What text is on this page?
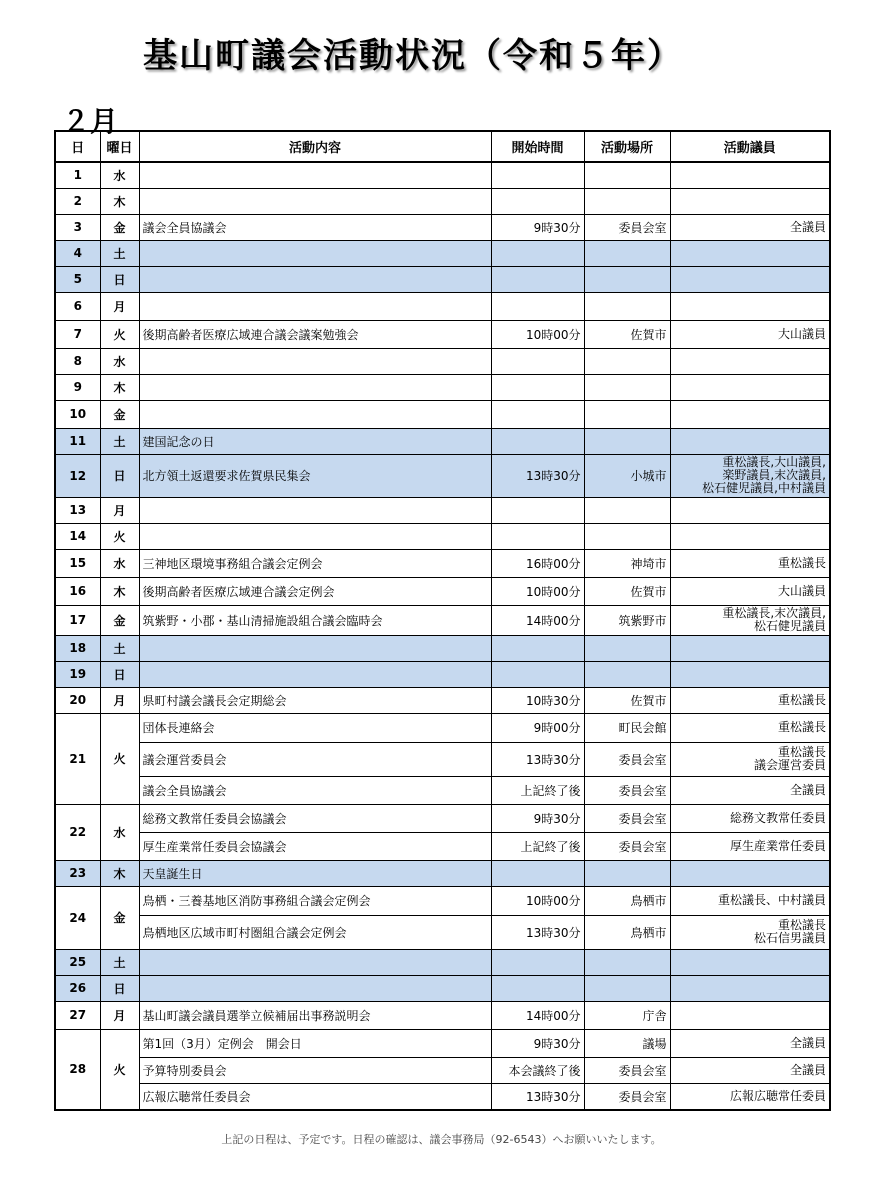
基山町議会活動状況（令和５年）
２月
日	曜日	活動内容	開始時間	活動場所	活動議員
1	水				
2	木				
3	金	議会全員協議会	9時30分	委員会室	全議員
4	土				
5	日				
6	月				
7	火	後期高齢者医療広域連合議会議案勉強会	10時00分	佐賀市	大山議員
8	水				
9	木				
10	金				
11	土	建国記念の日			
12	日	北方領土返還要求佐賀県民集会	13時30分	小城市	重松議長,大山議員,
楽野議員,末次議員,
松石健児議員,中村議員
13	月				
14	火				
15	水	三神地区環境事務組合議会定例会	16時00分	神埼市	重松議長
16	木	後期高齢者医療広域連合議会定例会	10時00分	佐賀市	大山議員
17	金	筑紫野・小郡・基山清掃施設組合議会臨時会	14時00分	筑紫野市	重松議長,末次議員,
松石健児議員
18	土				
19	日				
20	月	県町村議会議長会定期総会	10時30分	佐賀市	重松議長
21	火	団体長連絡会	9時00分	町民会館	重松議長
		議会運営委員会	13時30分	委員会室	重松議長
議会運営委員
		議会全員協議会	上記終了後	委員会室	全議員
22	水	総務文教常任委員会協議会	9時30分	委員会室	総務文教常任委員
		厚生産業常任委員会協議会	上記終了後	委員会室	厚生産業常任委員
23	木	天皇誕生日			
24	金	鳥栖・三養基地区消防事務組合議会定例会	10時00分	鳥栖市	重松議長、中村議員
		鳥栖地区広域市町村圏組合議会定例会	13時30分	鳥栖市	重松議長
松石信男議員
25	土				
26	日				
27	月	基山町議会議員選挙立候補届出事務説明会	14時00分	庁舎	
28	火	第1回（3月）定例会　開会日	9時30分	議場	全議員
		予算特別委員会	本会議終了後	委員会室	全議員
		広報広聴常任委員会	13時30分	委員会室	広報広聴常任委員
上記の日程は、予定です。日程の確認は、議会事務局（92-6543）へお願いいたします。
